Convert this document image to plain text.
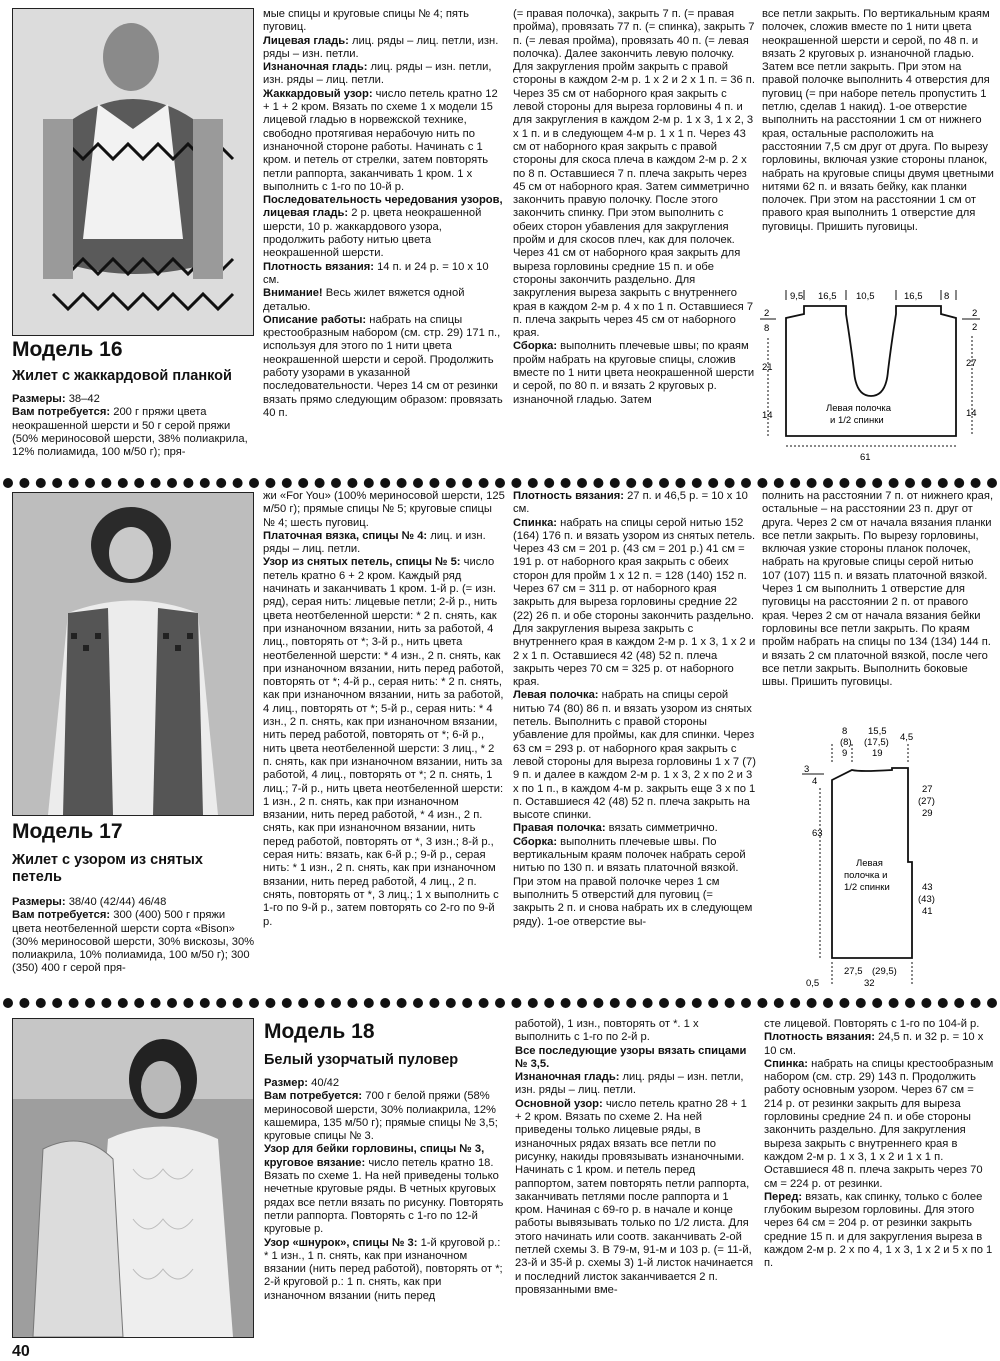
Модель 16
Жилет с жаккардовой планкой

Размеры: 38–42

Вам потребуется: 200 г пряжи цвета неокрашенной шерсти и 50 г серой пряжи (50% мериносовой шерсти, 38% полиакрила, 12% полиамида, 100 м/50 г); пря-

мые спицы и круговые спицы № 4; пять пуговиц.

Лицевая гладь: лиц. ряды – лиц. петли, изн. ряды – изн. петли.

Изнаночная гладь: лиц. ряды – изн. петли, изн. ряды – лиц. петли.

Жаккардовый узор: число петель кратно 12 + 1 + 2 кром. Вязать по схеме 1 x модели 15 лицевой гладью в норвежской технике, свободно протягивая нерабочую нить по изнаночной стороне работы. Начинать с 1 кром. и петель от стрелки, затем повторять петли раппорта, заканчивать 1 кром. 1 x выполнить с 1-го по 10-й р.

Последовательность чередования узоров, лицевая гладь: 2 р. цвета неокрашенной шерсти, 10 р. жаккардового узора, продолжить работу нитью цвета неокрашенной шерсти.

Плотность вязания: 14 п. и 24 р. = 10 x 10 см.

Внимание! Весь жилет вяжется одной деталью.

Описание работы: набрать на спицы крестообразным набором (см. стр. 29) 171 п., используя для этого по 1 нити цвета неокрашенной шерсти и серой. Продолжить работу узорами в указанной последовательности. Через 14 см от резинки вязать прямо следующим образом: провязать 40 п.

(= правая полочка), закрыть 7 п. (= правая пройма), провязать 77 п. (= спинка), закрыть 7 п. (= левая пройма), провязать 40 п. (= левая полочка). Далее закончить левую полочку. Для закругления пройм закрыть с правой стороны в каждом 2-м р. 1 x 2 и 2 x 1 п. = 36 п. Через 35 см от наборного края закрыть с левой стороны для выреза горловины 4 п. и для закругления в каждом 2-м р. 1 x 3, 1 x 2, 3 x 1 п. и в следующем 4-м р. 1 x 1 п. Через 43 см от наборного края закрыть с правой стороны для скоса плеча в каждом 2-м р. 2 x по 8 п. Оставшиеся 7 п. плеча закрыть через 45 см от наборного края. Затем симметрично закончить правую полочку. После этого закончить спинку. При этом выполнить с обеих сторон убавления для закругления пройм и для скосов плеч, как для полочек. Через 41 см от наборного края закрыть для выреза горловины средние 15 п. и обе стороны закончить раздельно. Для закругления выреза закрыть с внутреннего края в каждом 2-м р. 4 x по 1 п. Оставшиеся 7 п. плеча закрыть через 45 см от наборного края.

Сборка: выполнить плечевые швы; по краям пройм набрать на круговые спицы, сложив вместе по 1 нити цвета неокрашенной шерсти и серой, по 80 п. и вязать 2 круговых р. изнаночной гладью. Затем

все петли закрыть. По вертикальным краям полочек, сложив вместе по 1 нити цвета неокрашенной шерсти и серой, по 48 п. и вязать 2 круговых р. изнаночной гладью. Затем все петли закрыть. При этом на правой полочке выполнить 4 отверстия для пуговиц (= при наборе петель пропустить 1 петлю, сделав 1 накид). 1-ое отверстие выполнить на расстоянии 1 см от нижнего края, остальные расположить на расстоянии 7,5 см друг от друга. По вырезу горловины, включая узкие стороны планок, набрать на круговые спицы двумя цветными нитями 62 п. и вязать бейку, как планки полочек. При этом на расстоянии 1 см от правого края выполнить 1 отверстие для пуговицы. Пришить пуговицы.

9,5 16,5 10,5	16,5 8
2
8
21
14
2
2
27
14
Левая полочка
и 1/2 спинки
61
Модель 17
Жилет с узором из снятых петель

Размеры: 38/40 (42/44) 46/48

Вам потребуется: 300 (400) 500 г пряжи цвета неотбеленной шерсти сорта «Bison» (30% мериносовой шерсти, 30% вискозы, 30% полиакрила, 10% полиамида, 100 м/50 г); 300 (350) 400 г серой пря-

жи «For You» (100% мериносовой шерсти, 125 м/50 г); прямые спицы № 5; круговые спицы № 4; шесть пуговиц.

Платочная вязка, спицы № 4: лиц. и изн. ряды – лиц. петли.

Узор из снятых петель, спицы № 5: число петель кратно 6 + 2 кром. Каждый ряд начинать и заканчивать 1 кром. 1-й р. (= изн. ряд), серая нить: лицевые петли; 2-й р., нить цвета неотбеленной шерсти: * 2 п. снять, как при изнаночном вязании, нить за работой, 4 лиц., повторять от *; 3-й р., нить цвета неотбеленной шерсти: * 4 изн., 2 п. снять, как при изнаночном вязании, нить перед работой, повторять от *; 4-й р., серая нить: * 2 п. снять, как при изнаночном вязании, нить за работой, 4 лиц., повторять от *; 5-й р., серая нить: * 4 изн., 2 п. снять, как при изнаночном вязании, нить перед работой, повторять от *; 6-й р., нить цвета неотбеленной шерсти: 3 лиц., * 2 п. снять, как при изнаночном вязании, нить за работой, 4 лиц., повторять от *; 2 п. снять, 1 лиц.; 7-й р., нить цвета неотбеленной шерсти: 1 изн., 2 п. снять, как при изнаночном вязании, нить перед работой, * 4 изн., 2 п. снять, как при изнаночном вязании, нить перед работой, повторять от *, 3 изн.; 8-й р., серая нить: вязать, как 6-й р.; 9-й р., серая нить: * 1 изн., 2 п. снять, как при изнаночном вязании, нить перед работой, 4 лиц., 2 п. снять, повторять от *, 3 лиц.; 1 x выполнить с 1-го по 9-й р., затем повторять со 2-го по 9-й р.

Плотность вязания: 27 п. и 46,5 р. = 10 x 10 см.

Спинка: набрать на спицы серой нитью 152 (164) 176 п. и вязать узором из снятых петель. Через 43 см = 201 р. (43 см = 201 р.) 41 см = 191 р. от наборного края закрыть с обеих сторон для пройм 1 x 12 п. = 128 (140) 152 п. Через 67 см = 311 р. от наборного края закрыть для выреза горловины средние 22 (22) 26 п. и обе стороны закончить раздельно. Для закругления выреза закрыть с внутреннего края в каждом 2-м р. 1 x 3, 1 x 2 и 2 x 1 п. Оставшиеся 42 (48) 52 п. плеча закрыть через 70 см = 325 р. от наборного края.

Левая полочка: набрать на спицы серой нитью 74 (80) 86 п. и вязать узором из снятых петель. Выполнить с правой стороны убавление для проймы, как для спинки. Через 63 см = 293 р. от наборного края закрыть с левой стороны для выреза горловины 1 x 7 (7) 9 п. и далее в каждом 2-м р. 1 x 3, 2 x по 2 и 3 x по 1 п., в каждом 4-м р. закрыть еще 3 x по 1 п. Оставшиеся 42 (48) 52 п. плеча закрыть на высоте спинки.

Правая полочка: вязать симметрично.

Сборка: выполнить плечевые швы. По вертикальным краям полочек набрать серой нитью по 130 п. и вязать платочной вязкой. При этом на правой полочке через 1 см выполнить 5 отверстий для пуговиц (= закрыть 2 п. и снова набрать их в следующем ряду). 1-ое отверстие вы-

полнить на расстоянии 7 п. от нижнего края, остальные – на расстоянии 23 п. друг от друга. Через 2 см от начала вязания планки все петли закрыть. По вырезу горловины, включая узкие стороны планок полочек, набрать на круговые спицы серой нитью 107 (107) 115 п. и вязать платочной вязкой. Через 1 см выполнить 1 отверстие для пуговицы на расстоянии 2 п. от правого края. Через 2 см от начала вязания бейки горловины все петли закрыть. По краям пройм набрать на спицы по 134 (134) 144 п. и вязать 2 см платочной вязкой, после чего все петли закрыть. Выполнить боковые швы. Пришить пуговицы.

8
(8)
9
15,5
(17,5)
19
4,5
3
4
63
27
(27)
29
43
(43)
41
Левая
полочка и
1/2 спинки
0,5
27,5 (29,5)
32
Модель 18
Белый узорчатый пуловер

Размер: 40/42

Вам потребуется: 700 г белой пряжи (58% мериносовой шерсти, 30% полиакрила, 12% кашемира, 135 м/50 г); прямые спицы № 3,5; круговые спицы № 3.

Узор для бейки горловины, спицы № 3, круговое вязание: число петель кратно 18. Вязать по схеме 1. На ней приведены только нечетные круговые ряды. В четных круговых рядах все петли вязать по рисунку. Повторять петли раппорта. Повторять с 1-го по 12-й круговые р.

Узор «шнурок», спицы № 3: 1-й круговой р.: * 1 изн., 1 п. снять, как при изнаночном вязании (нить перед работой), повторять от *; 2-й круговой р.: 1 п. снять, как при изнаночном вязании (нить перед

работой), 1 изн., повторять от *. 1 x выполнить с 1-го по 2-й р.

Все последующие узоры вязать спицами № 3,5.

Изнаночная гладь: лиц. ряды – изн. петли, изн. ряды – лиц. петли.

Основной узор: число петель кратно 28 + 1 + 2 кром. Вязать по схеме 2. На ней приведены только лицевые ряды, в изнаночных рядах вязать все петли по рисунку, накиды провязывать изнаночными. Начинать с 1 кром. и петель перед раппортом, затем повторять петли раппорта, заканчивать петлями после раппорта и 1 кром. Начиная с 69-го р. в начале и конце работы вывязывать только по 1/2 листа. Для этого начинать или соотв. заканчивать 2-ой петлей схемы 3. В 79-м, 91-м и 103 р. (= 11-й, 23-й и 35-й р. схемы 3) 1-й листок начинается и последний листок заканчивается 2 п. провязанными вме-

сте лицевой. Повторять с 1-го по 104-й р.

Плотность вязания: 24,5 п. и 32 р. = 10 x 10 см.

Спинка: набрать на спицы крестообразным набором (см. стр. 29) 143 п. Продолжить работу основным узором. Через 67 см = 214 р. от резинки закрыть для выреза горловины средние 24 п. и обе стороны закончить раздельно. Для закругления выреза закрыть с внутреннего края в каждом 2-м р. 1 x 3, 1 x 2 и 1 x 1 п. Оставшиеся 48 п. плеча закрыть через 70 см = 224 р. от резинки.

Перед: вязать, как спинку, только с более глубоким вырезом горловины. Для этого через 64 см = 204 р. от резинки закрыть средние 15 п. и для закругления выреза в каждом 2-м р. 2 x по 4, 1 x 3, 1 x 2 и 5 x по 1 п.

40
